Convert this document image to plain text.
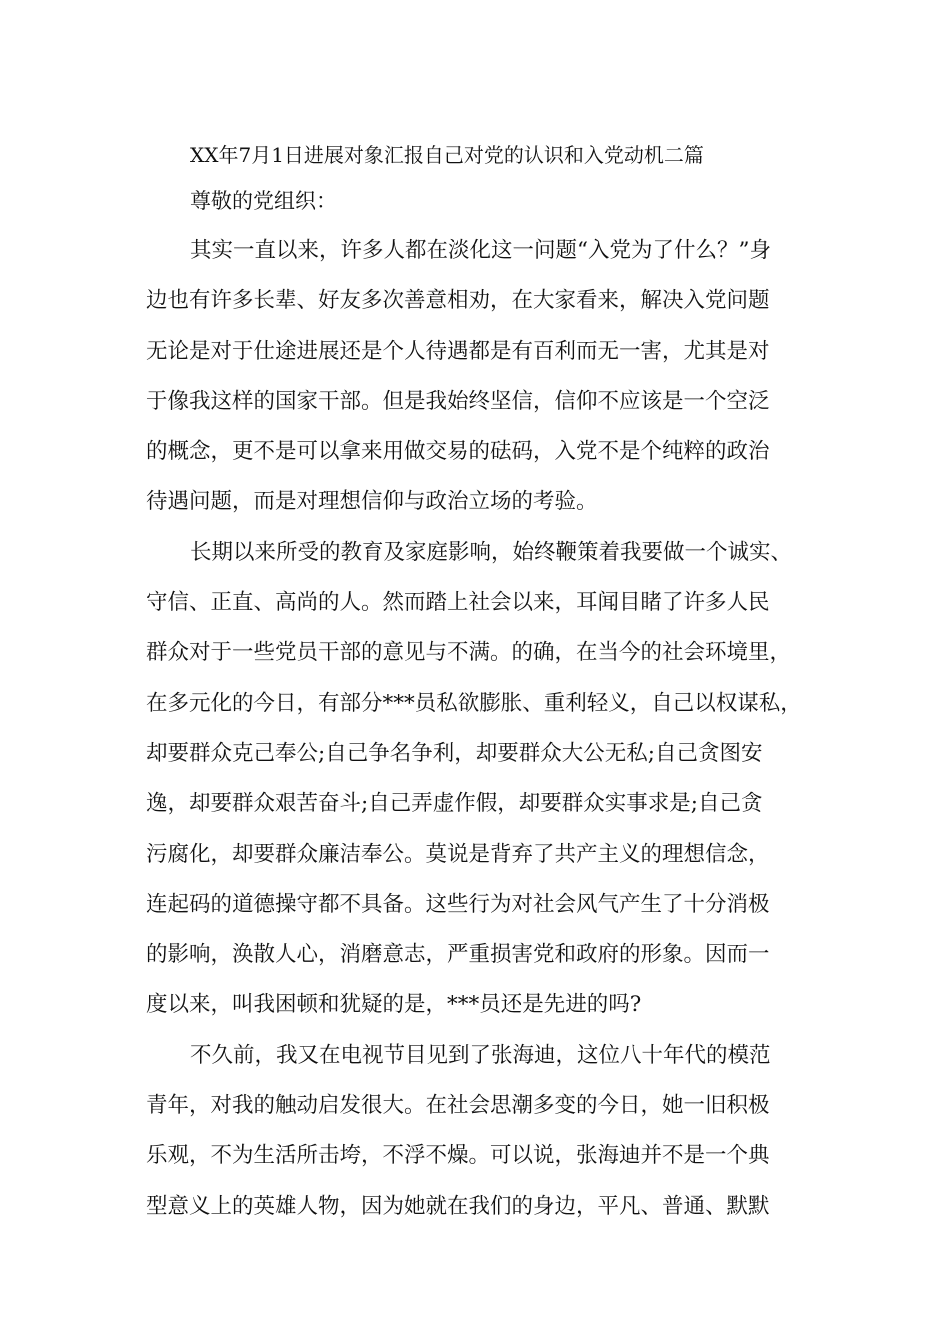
XX年7月1日进展对象汇报自己对党的认识和入党动机二篇
尊敬的党组织：
其实一直以来，许多人都在淡化这一问题“入党为了什么？”身
边也有许多长辈、好友多次善意相劝，在大家看来，解决入党问题
无论是对于仕途进展还是个人待遇都是有百利而无一害，尤其是对
于像我这样的国家干部。但是我始终坚信，信仰不应该是一个空泛
的概念，更不是可以拿来用做交易的砝码，入党不是个纯粹的政治
待遇问题，而是对理想信仰与政治立场的考验。
长期以来所受的教育及家庭影响，始终鞭策着我要做一个诚实、
守信、正直、高尚的人。然而踏上社会以来，耳闻目睹了许多人民
群众对于一些党员干部的意见与不满。的确，在当今的社会环境里，
在多元化的今日，有部分***员私欲膨胀、重利轻义，自己以权谋私，
却要群众克己奉公;自己争名争利，却要群众大公无私;自己贪图安
逸，却要群众艰苦奋斗;自己弄虚作假，却要群众实事求是;自己贪
污腐化，却要群众廉洁奉公。莫说是背弃了共产主义的理想信念，
连起码的道德操守都不具备。这些行为对社会风气产生了十分消极
的影响，涣散人心，消磨意志，严重损害党和政府的形象。因而一
度以来，叫我困顿和犹疑的是，***员还是先进的吗?
不久前，我又在电视节目见到了张海迪，这位八十年代的模范
青年，对我的触动启发很大。在社会思潮多变的今日，她一旧积极
乐观，不为生活所击垮，不浮不燥。可以说，张海迪并不是一个典
型意义上的英雄人物，因为她就在我们的身边，平凡、普通、默默
